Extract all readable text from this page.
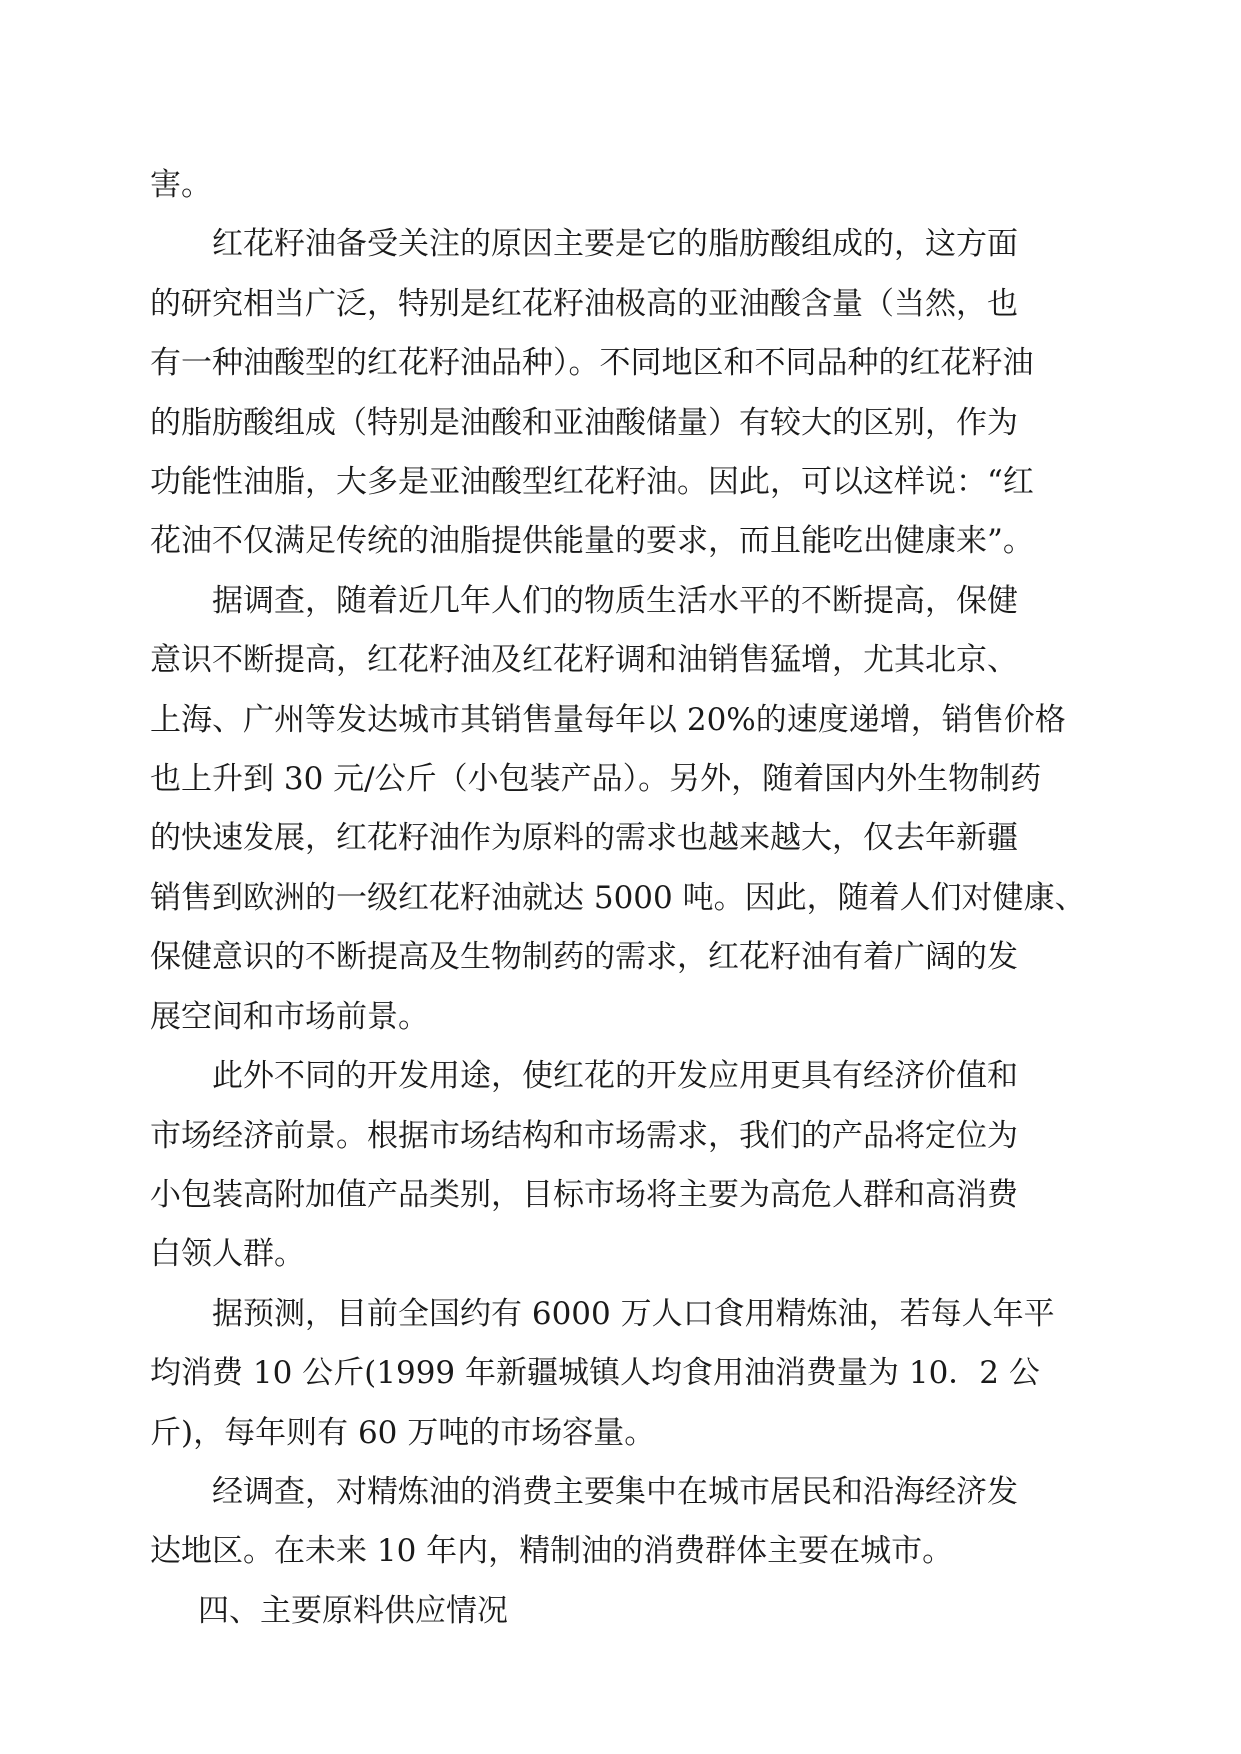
害。

　　红花籽油备受关注的原因主要是它的脂肪酸组成的，这方面
的研究相当广泛，特别是红花籽油极高的亚油酸含量（当然，也
有一种油酸型的红花籽油品种）。不同地区和不同品种的红花籽油
的脂肪酸组成（特别是油酸和亚油酸储量）有较大的区别，作为
功能性油脂，大多是亚油酸型红花籽油。因此，可以这样说：“红
花油不仅满足传统的油脂提供能量的要求，而且能吃出健康来”。

　　据调查，随着近几年人们的物质生活水平的不断提高，保健
意识不断提高，红花籽油及红花籽调和油销售猛增，尤其北京、
上海、广州等发达城市其销售量每年以 20%的速度递增，销售价格
也上升到 30 元/公斤（小包装产品）。另外，随着国内外生物制药
的快速发展，红花籽油作为原料的需求也越来越大，仅去年新疆
销售到欧洲的一级红花籽油就达 5000 吨。因此，随着人们对健康、
保健意识的不断提高及生物制药的需求，红花籽油有着广阔的发
展空间和市场前景。

　　此外不同的开发用途，使红花的开发应用更具有经济价值和
市场经济前景。根据市场结构和市场需求，我们的产品将定位为
小包装高附加值产品类别，目标市场将主要为高危人群和高消费
白领人群。

　　据预测，目前全国约有 6000 万人口食用精炼油，若每人年平
均消费 10 公斤(1999 年新疆城镇人均食用油消费量为 10．2 公
斤)，每年则有 60 万吨的市场容量。

　　经调查，对精炼油的消费主要集中在城市居民和沿海经济发
达地区。在未来 10 年内，精制油的消费群体主要在城市。

四、主要原料供应情况
